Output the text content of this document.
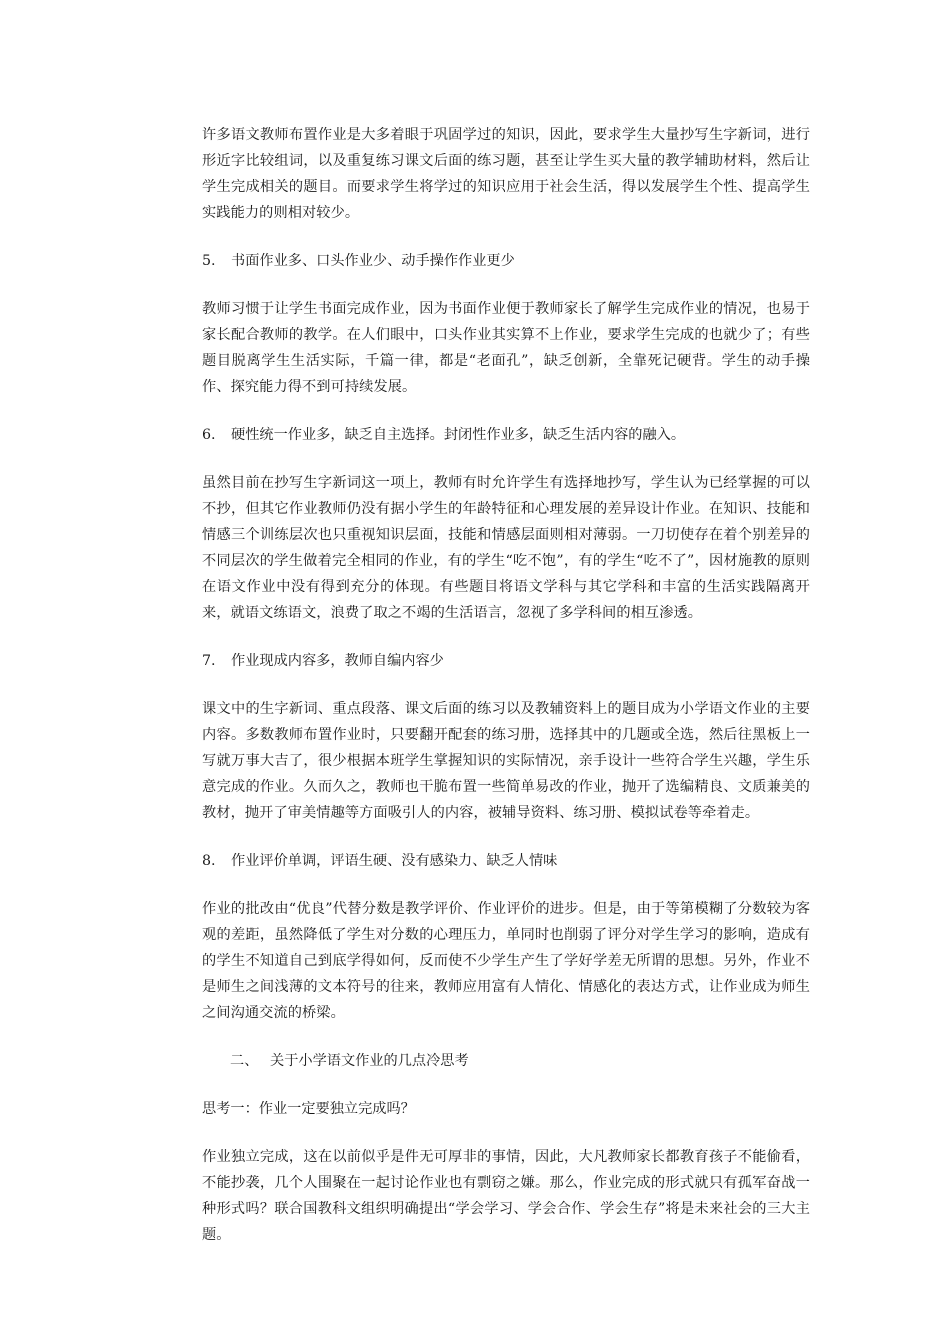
许多语文教师布置作业是大多着眼于巩固学过的知识，因此，要求学生大量抄写生字新词，进行形近字比较组词，以及重复练习课文后面的练习题，甚至让学生买大量的教学辅助材料，然后让学生完成相关的题目。而要求学生将学过的知识应用于社会生活，得以发展学生个性、提高学生实践能力的则相对较少。

5. 书面作业多、口头作业少、动手操作作业更少

教师习惯于让学生书面完成作业，因为书面作业便于教师家长了解学生完成作业的情况，也易于家长配合教师的教学。在人们眼中，口头作业其实算不上作业，要求学生完成的也就少了；有些题目脱离学生生活实际，千篇一律，都是“老面孔”，缺乏创新，全靠死记硬背。学生的动手操作、探究能力得不到可持续发展。

6. 硬性统一作业多，缺乏自主选择。封闭性作业多，缺乏生活内容的融入。

虽然目前在抄写生字新词这一项上，教师有时允许学生有选择地抄写，学生认为已经掌握的可以不抄，但其它作业教师仍没有据小学生的年龄特征和心理发展的差异设计作业。在知识、技能和情感三个训练层次也只重视知识层面，技能和情感层面则相对薄弱。一刀切使存在着个别差异的不同层次的学生做着完全相同的作业，有的学生“吃不饱”，有的学生“吃不了”，因材施教的原则在语文作业中没有得到充分的体现。有些题目将语文学科与其它学科和丰富的生活实践隔离开来，就语文练语文，浪费了取之不竭的生活语言，忽视了多学科间的相互渗透。

7. 作业现成内容多，教师自编内容少

课文中的生字新词、重点段落、课文后面的练习以及教辅资料上的题目成为小学语文作业的主要内容。多数教师布置作业时，只要翻开配套的练习册，选择其中的几题或全选，然后往黑板上一写就万事大吉了，很少根据本班学生掌握知识的实际情况，亲手设计一些符合学生兴趣，学生乐意完成的作业。久而久之，教师也干脆布置一些简单易改的作业，抛开了选编精良、文质兼美的教材，抛开了审美情趣等方面吸引人的内容，被辅导资料、练习册、模拟试卷等牵着走。

8. 作业评价单调，评语生硬、没有感染力、缺乏人情味

作业的批改由“优良”代替分数是教学评价、作业评价的进步。但是，由于等第模糊了分数较为客观的差距，虽然降低了学生对分数的心理压力，单同时也削弱了评分对学生学习的影响，造成有的学生不知道自己到底学得如何，反而使不少学生产生了学好学差无所谓的思想。另外，作业不是师生之间浅薄的文本符号的往来，教师应用富有人情化、情感化的表达方式，让作业成为师生之间沟通交流的桥梁。

二、 关于小学语文作业的几点冷思考

思考一：作业一定要独立完成吗？

作业独立完成，这在以前似乎是件无可厚非的事情，因此，大凡教师家长都教育孩子不能偷看，不能抄袭，几个人围聚在一起讨论作业也有剽窃之嫌。那么，作业完成的形式就只有孤军奋战一种形式吗？联合国教科文组织明确提出“学会学习、学会合作、学会生存”将是未来社会的三大主题。
